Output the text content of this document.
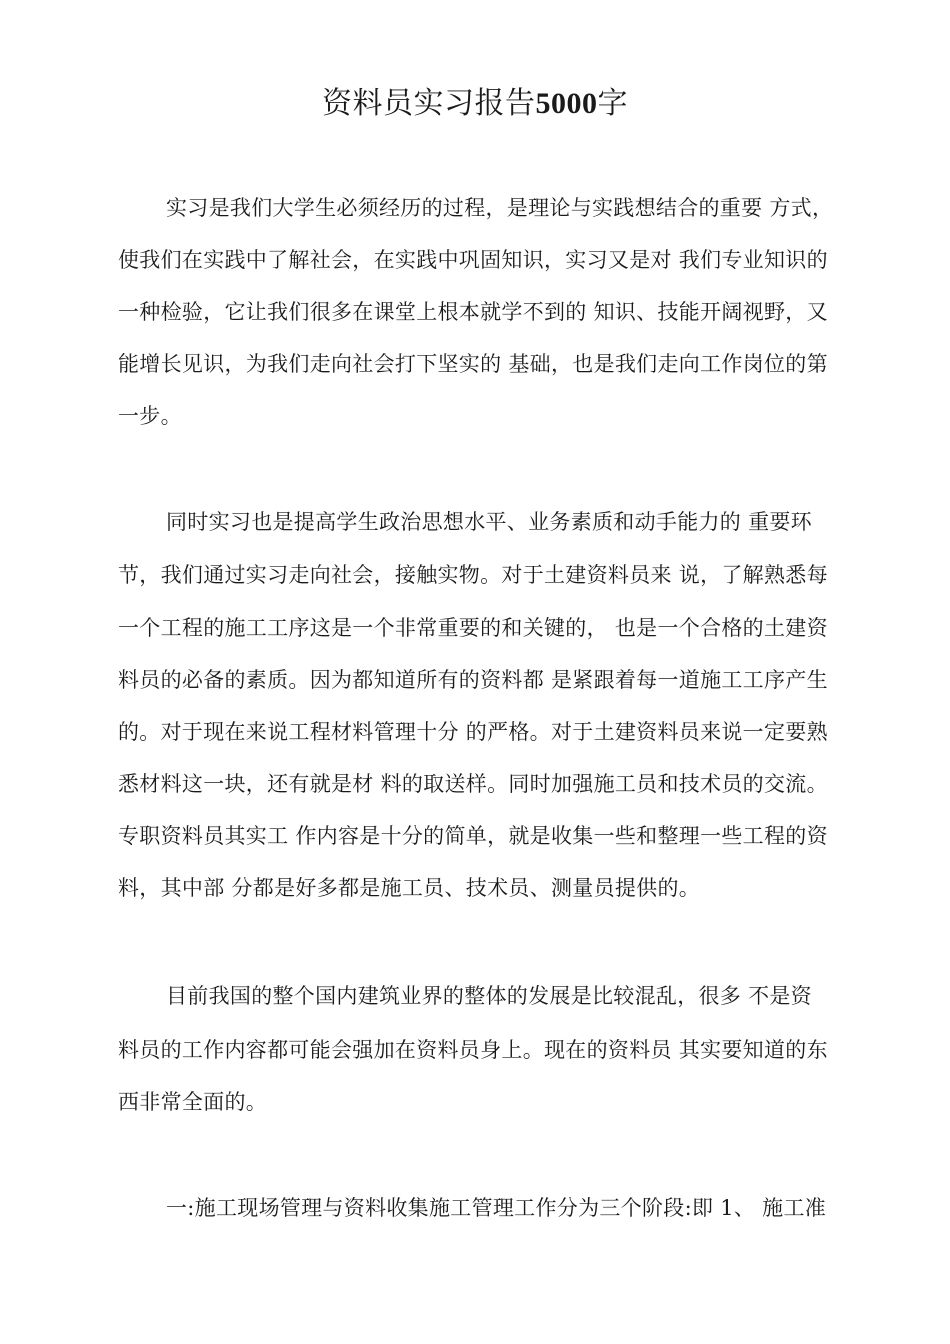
资料员实习报告5000字
实习是我们大学生必须经历的过程，是理论与实践想结合的重要 方式，
使我们在实践中了解社会，在实践中巩固知识，实习又是对 我们专业知识的
一种检验，它让我们很多在课堂上根本就学不到的 知识、技能开阔视野，又
能增长见识，为我们走向社会打下坚实的 基础，也是我们走向工作岗位的第
一步。
同时实习也是提高学生政治思想水平、业务素质和动手能力的 重要环
节，我们通过实习走向社会，接触实物。对于土建资料员来 说，了解熟悉每
一个工程的施工工序这是一个非常重要的和关键的， 也是一个合格的土建资
料员的必备的素质。因为都知道所有的资料都 是紧跟着每一道施工工序产生
的。对于现在来说工程材料管理十分 的严格。对于土建资料员来说一定要熟
悉材料这一块，还有就是材 料的取送样。同时加强施工员和技术员的交流。
专职资料员其实工 作内容是十分的简单，就是收集一些和整理一些工程的资
料，其中部 分都是好多都是施工员、技术员、测量员提供的。
目前我国的整个国内建筑业界的整体的发展是比较混乱，很多 不是资
料员的工作内容都可能会强加在资料员身上。现在的资料员 其实要知道的东
西非常全面的。
一:施工现场管理与资料收集施工管理工作分为三个阶段:即 1、 施工准
